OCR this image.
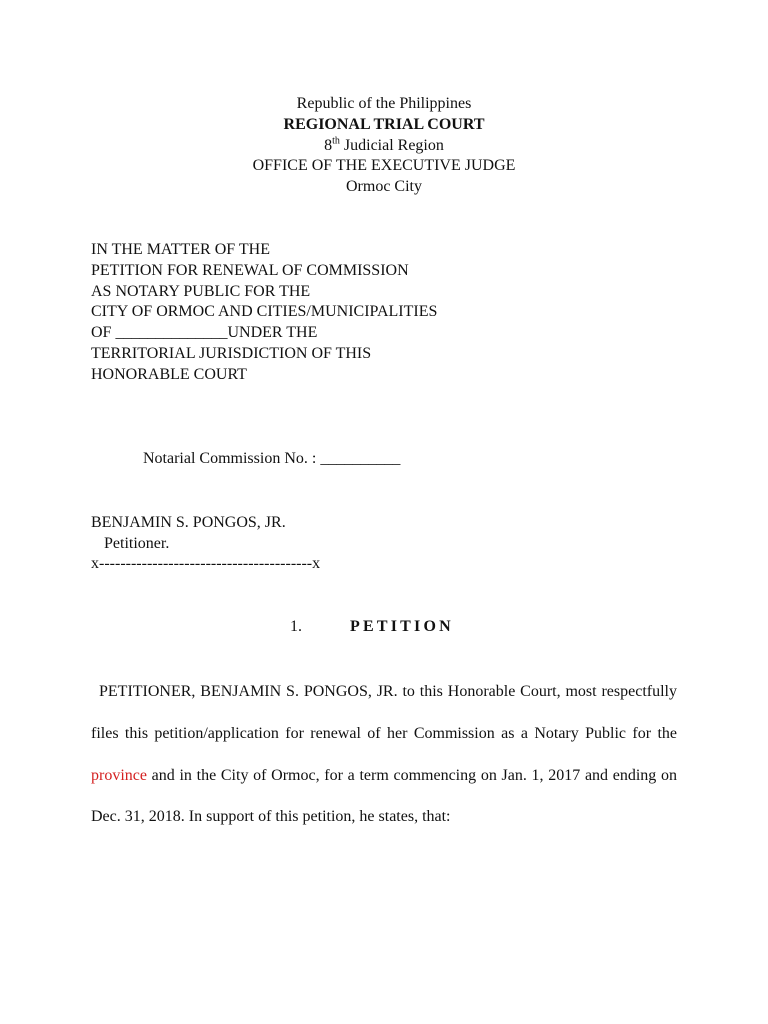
Republic of the Philippines
REGIONAL TRIAL COURT
8th Judicial Region
OFFICE OF THE EXECUTIVE JUDGE
Ormoc City
IN THE MATTER OF THE
PETITION FOR RENEWAL OF COMMISSION
AS NOTARY PUBLIC FOR THE
CITY OF ORMOC AND CITIES/MUNICIPALITIES
OF ______________UNDER THE
TERRITORIAL JURISDICTION OF THIS
HONORABLE COURT
Notarial Commission No. : __________
BENJAMIN S. PONGOS, JR.
Petitioner.
x----------------------------------------x
1.	PETITION
PETITIONER, BENJAMIN S. PONGOS, JR. to this Honorable Court, most respectfully files this petition/application for renewal of her Commission as a Notary Public for the province and in the City of Ormoc, for a term commencing on Jan. 1, 2017 and ending on Dec. 31, 2018. In support of this petition, he states, that:
